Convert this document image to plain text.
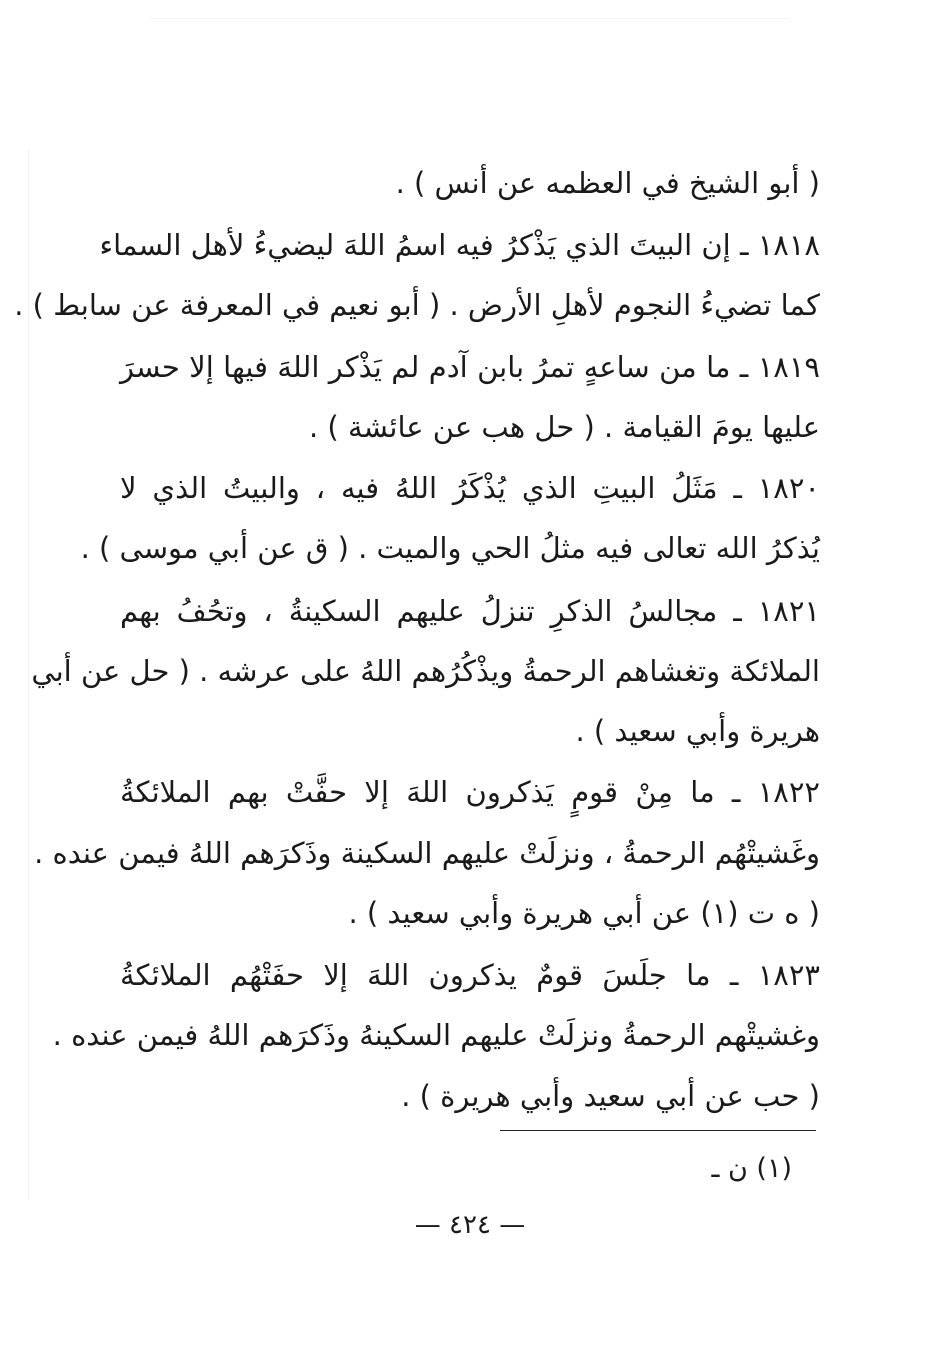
( أبو الشيخ في العظمه عن أنس ) .
١٨١٨ ـ إن البيتَ الذي يَذْكرُ فيه اسمُ اللهَ ليضيءُ لأهل السماء
كما تضيءُ النجوم لأهلِ الأرض . ( أبو نعيم في المعرفة عن سابط ) .
١٨١٩ ـ ما من ساعهٍ تمرُ بابن آدم لم يَذْكر اللهَ فيها إلا حسرَ
عليها يومَ القيامة . ( حل هب عن عائشة ) .
١٨٢٠ ـ مَثَلُ البيتِ الذي يُذْكَرُ اللهُ فيه ، والبيتُ الذي لا
يُذكرُ الله تعالى فيه مثلُ الحي والميت . ( ق عن أبي موسى ) .
١٨٢١ ـ مجالسُ الذكرِ تنزلُ عليهم السكينةُ ، وتحُفُ بهم
الملائكة وتغشاهم الرحمةُ ويذْكُرُهم اللهُ على عرشه . ( حل عن أبي
هريرة وأبي سعيد ) .
١٨٢٢ ـ ما مِنْ قومٍ يَذكرون اللهَ إلا حفَّتْ بهم الملائكةُ
وغَشيتْهُم الرحمةُ ، ونزلَتْ عليهم السكينة وذَكرَهم اللهُ فيمن عنده .
( ه ت (١) عن أبي هريرة وأبي سعيد ) .
١٨٢٣ ـ ما جلَسَ قومٌ يذكرون اللهَ إلا حفَتْهُم الملائكةُ
وغشيتْهم الرحمةُ ونزلَتْ عليهم السكينهُ وذَكرَهم اللهُ فيمن عنده .
( حب عن أبي سعيد وأبي هريرة ) .
(١) ن ـ
— ٤٢٤ —
